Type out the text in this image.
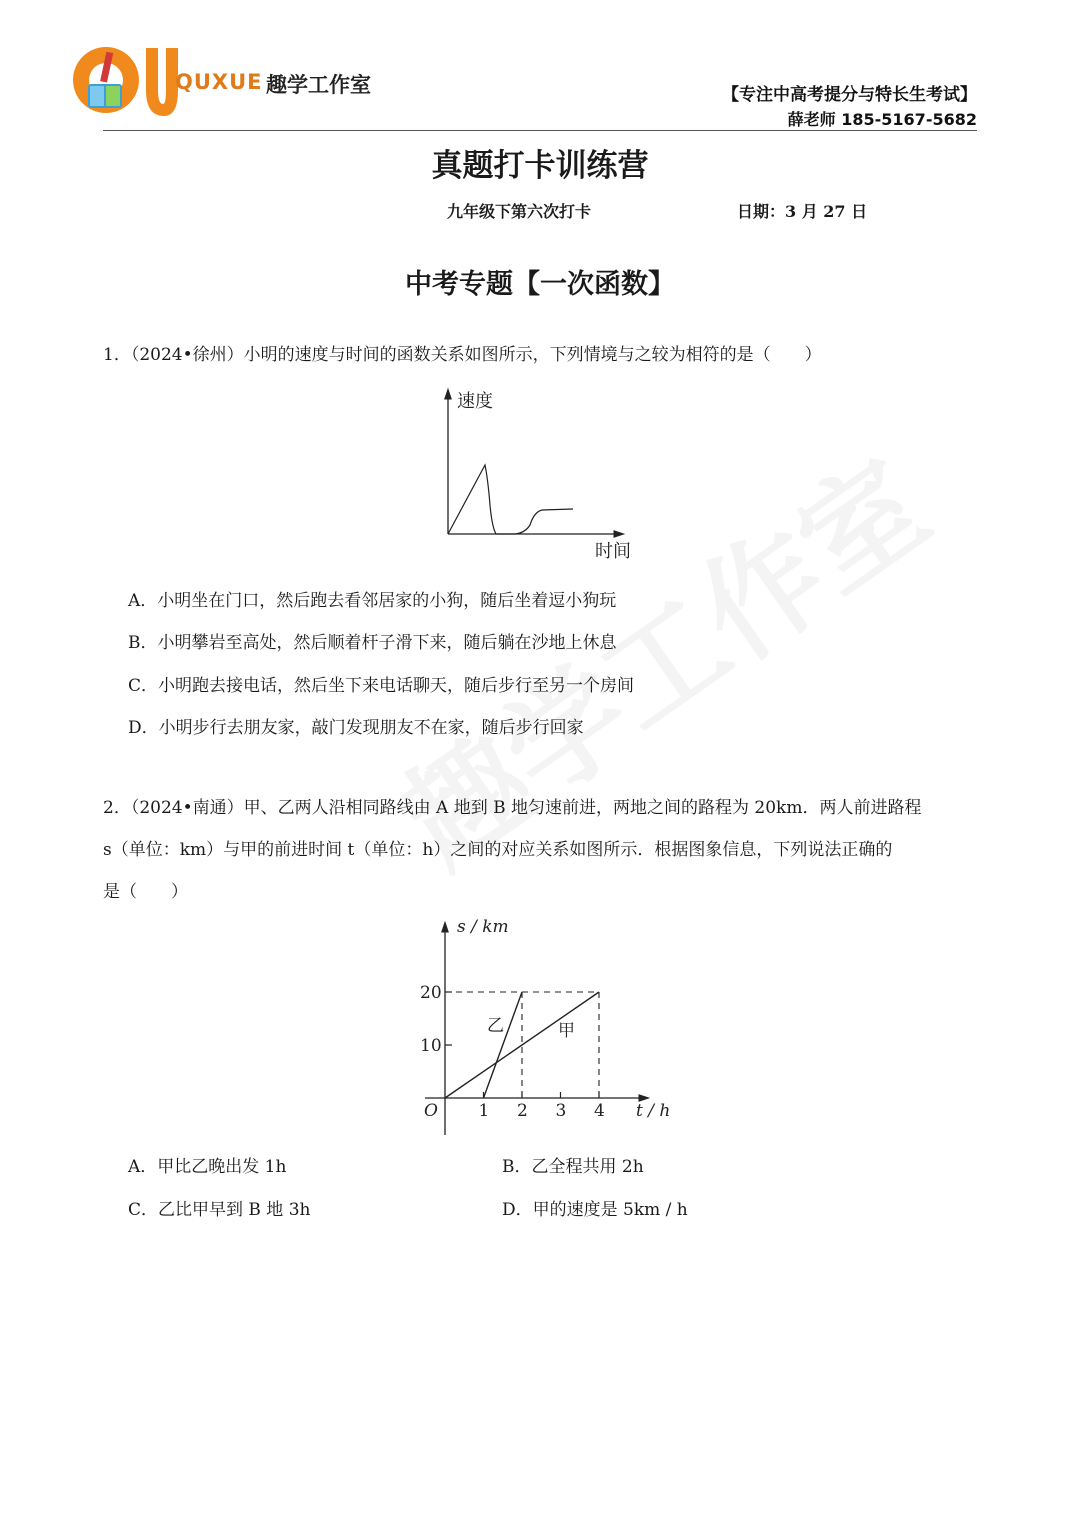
QUXUE 趣学工作室	【专注中高考提分与特长生考试】
薛老师 185-5167-5682
真题打卡训练营
九年级下第六次打卡	日期：3 月 27 日
中考专题【一次函数】
1．（2024•徐州）小明的速度与时间的函数关系如图所示，下列情境与之较为相符的是（　　）
速度
时间
A．小明坐在门口，然后跑去看邻居家的小狗，随后坐着逗小狗玩
B．小明攀岩至高处，然后顺着杆子滑下来，随后躺在沙地上休息
C．小明跑去接电话，然后坐下来电话聊天，随后步行至另一个房间
D．小明步行去朋友家，敲门发现朋友不在家，随后步行回家
2．（2024•南通）甲、乙两人沿相同路线由 A 地到 B 地匀速前进，两地之间的路程为 20km．两人前进路程
s（单位：km）与甲的前进时间 t（单位：h）之间的对应关系如图所示．根据图象信息，下列说法正确的
是（　　）
1 2 3 4
10
20
s / km
t / h
O
乙	甲
A．甲比乙晚出发 1h	B．乙全程共用 2h
C．乙比甲早到 B 地 3h	D．甲的速度是 5km / h
